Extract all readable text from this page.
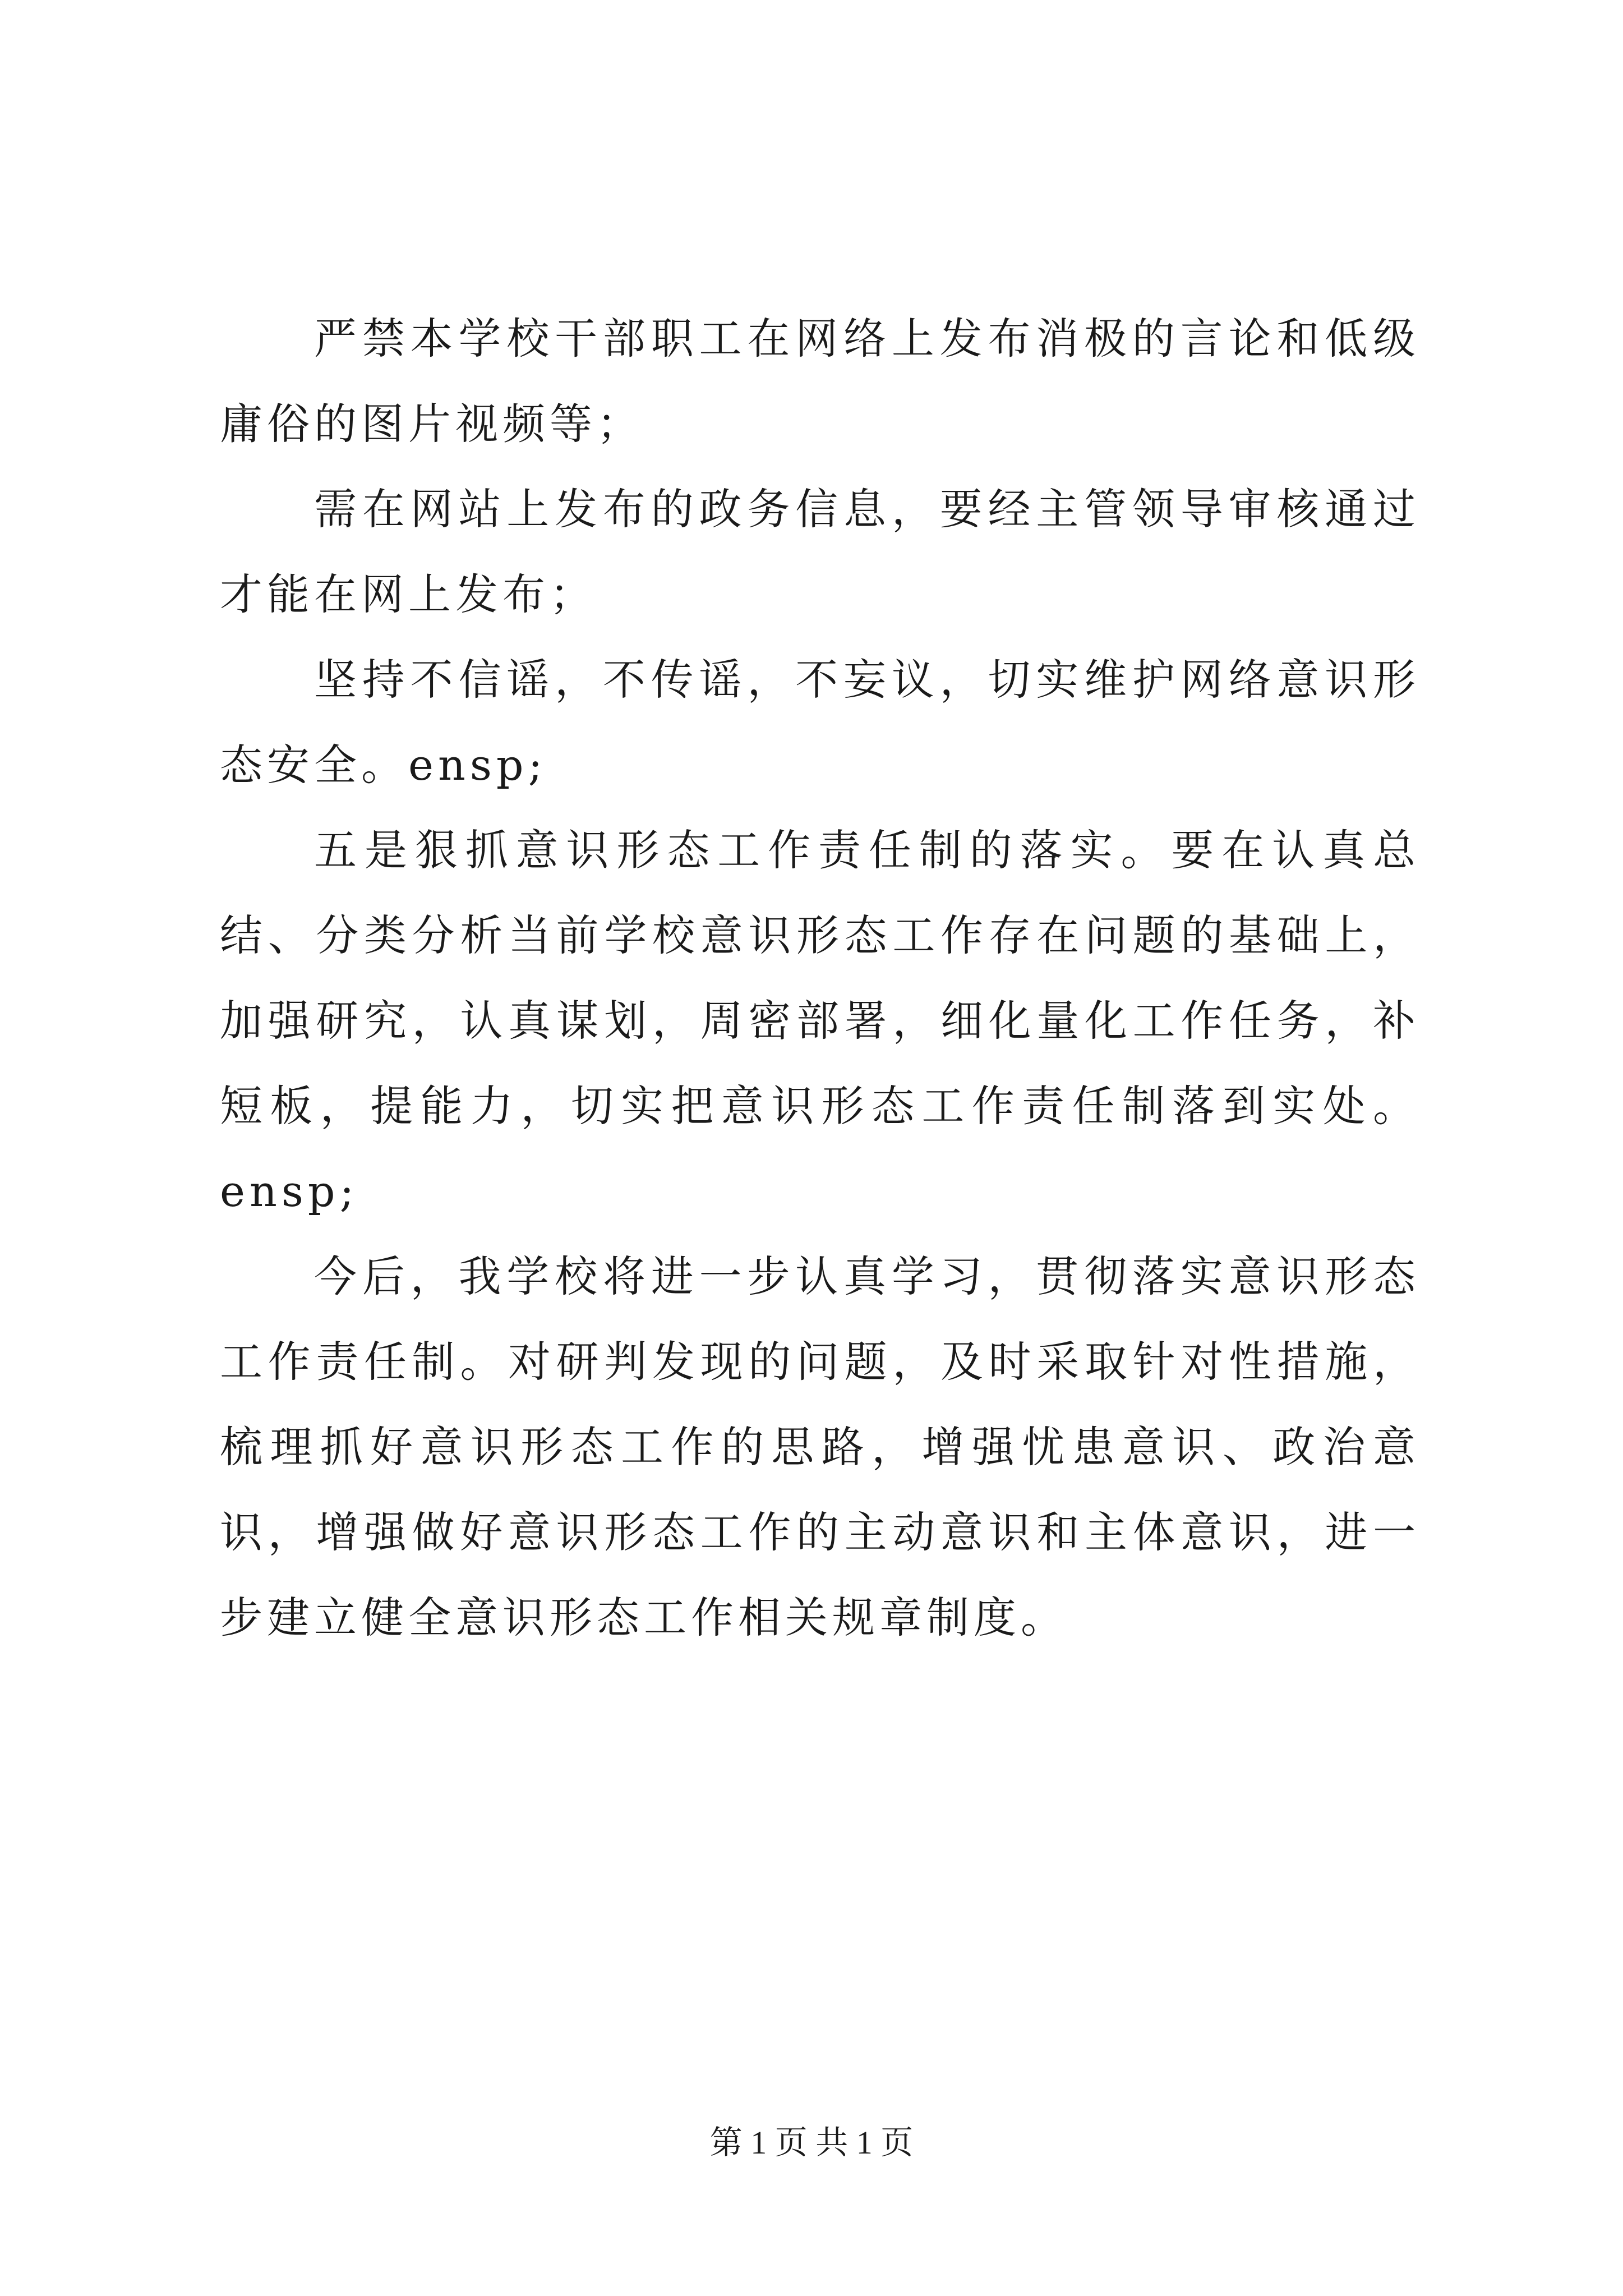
严禁本学校干部职工在网络上发布消极的言论和低级庸俗的图片视频等；

需在网站上发布的政务信息，要经主管领导审核通过才能在网上发布；

坚持不信谣，不传谣，不妄议，切实维护网络意识形态安全。ensp;

五是狠抓意识形态工作责任制的落实。要在认真总结、分类分析当前学校意识形态工作存在问题的基础上，加强研究，认真谋划，周密部署，细化量化工作任务，补短板，提能力，切实把意识形态工作责任制落到实处。ensp;

今后，我学校将进一步认真学习，贯彻落实意识形态工作责任制。对研判发现的问题，及时采取针对性措施，梳理抓好意识形态工作的思路，增强忧患意识、政治意识，增强做好意识形态工作的主动意识和主体意识，进一步建立健全意识形态工作相关规章制度。

第 1 页 共 1 页
